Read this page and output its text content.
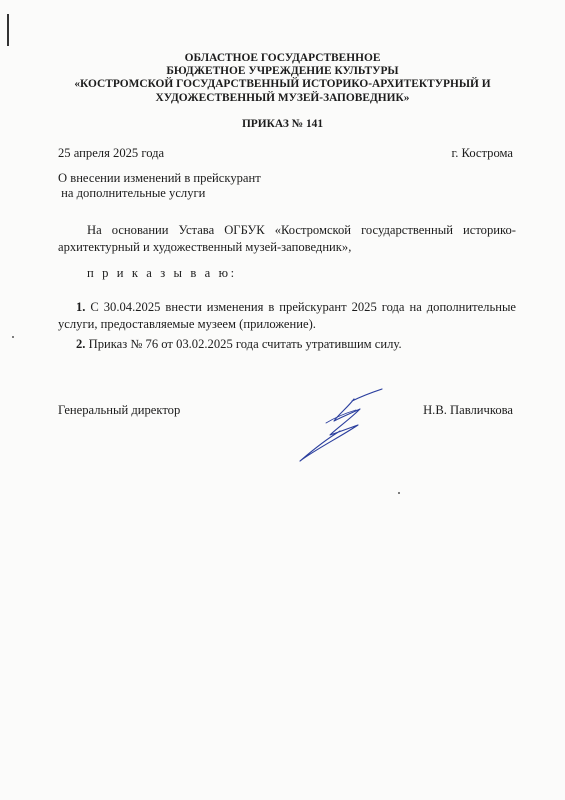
ОБЛАСТНОЕ ГОСУДАРСТВЕННОЕ
БЮДЖЕТНОЕ УЧРЕЖДЕНИЕ КУЛЬТУРЫ
«КОСТРОМСКОЙ ГОСУДАРСТВЕННЫЙ ИСТОРИКО-АРХИТЕКТУРНЫЙ И
ХУДОЖЕСТВЕННЫЙ МУЗЕЙ-ЗАПОВЕДНИК»
ПРИКАЗ № 141
25 апреля 2025 года	г. Кострома
О внесении изменений в прейскурант
на дополнительные услуги
На основании Устава ОГБУК «Костромской государственный историко-архитектурный и художественный музей-заповедник»,
п р и к а з ы в а ю:
1. С 30.04.2025 внести изменения в прейскурант 2025 года на дополнительные услуги, предоставляемые музеем (приложение).
2. Приказ № 76 от 03.02.2025 года считать утратившим силу.
Генеральный директор	Н.В. Павличкова
